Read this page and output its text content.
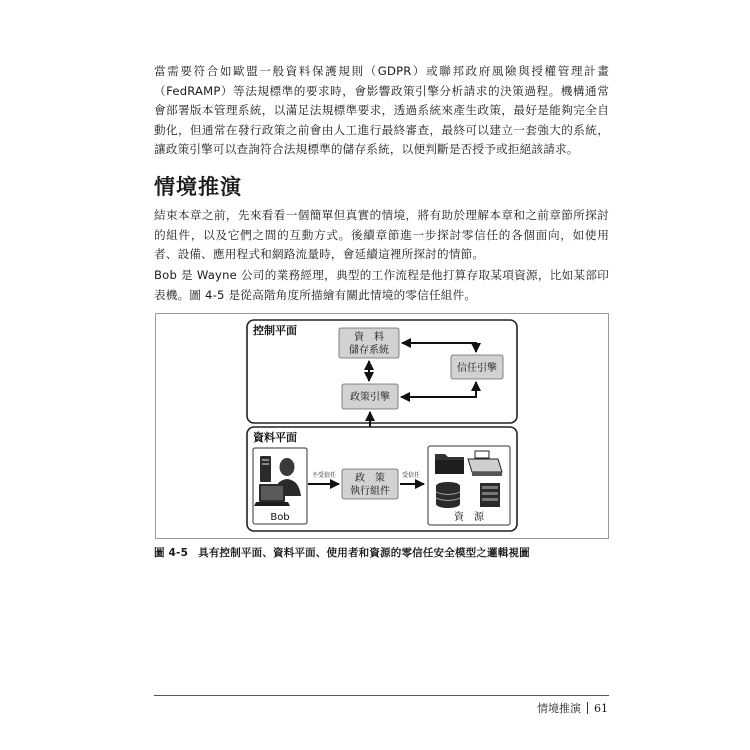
當需要符合如歐盟一般資料保護規則（GDPR）或聯邦政府風險與授權管理計畫（FedRAMP）等法規標準的要求時，會影響政策引擎分析請求的決策過程。機構通常會部署版本管理系統，以滿足法規標準要求，透過系統來產生政策，最好是能夠完全自動化，但通常在發行政策之前會由人工進行最終審查，最終可以建立一套強大的系統，讓政策引擎可以查詢符合法規標準的儲存系統，以便判斷是否授予或拒絕該請求。

情境推演

結束本章之前，先來看看一個簡單但真實的情境，將有助於理解本章和之前章節所探討的組件，以及它們之間的互動方式。後續章節進一步探討零信任的各個面向，如使用者、設備、應用程式和網路流量時，會延續這裡所探討的情節。

Bob 是 Wayne 公司的業務經理，典型的工作流程是他打算存取某項資源，比如某部印表機。圖 4-5 是從高階角度所描繪有關此情境的零信任組件。

控制平面
資　料
儲存系統
信任引擎
政策引擎
資料平面
Bob
政　策
執行組件
不受信任	受信任
資　源

圖 4-5 具有控制平面、資料平面、使用者和資源的零信任安全模型之邏輯視圖

情境推演 61
